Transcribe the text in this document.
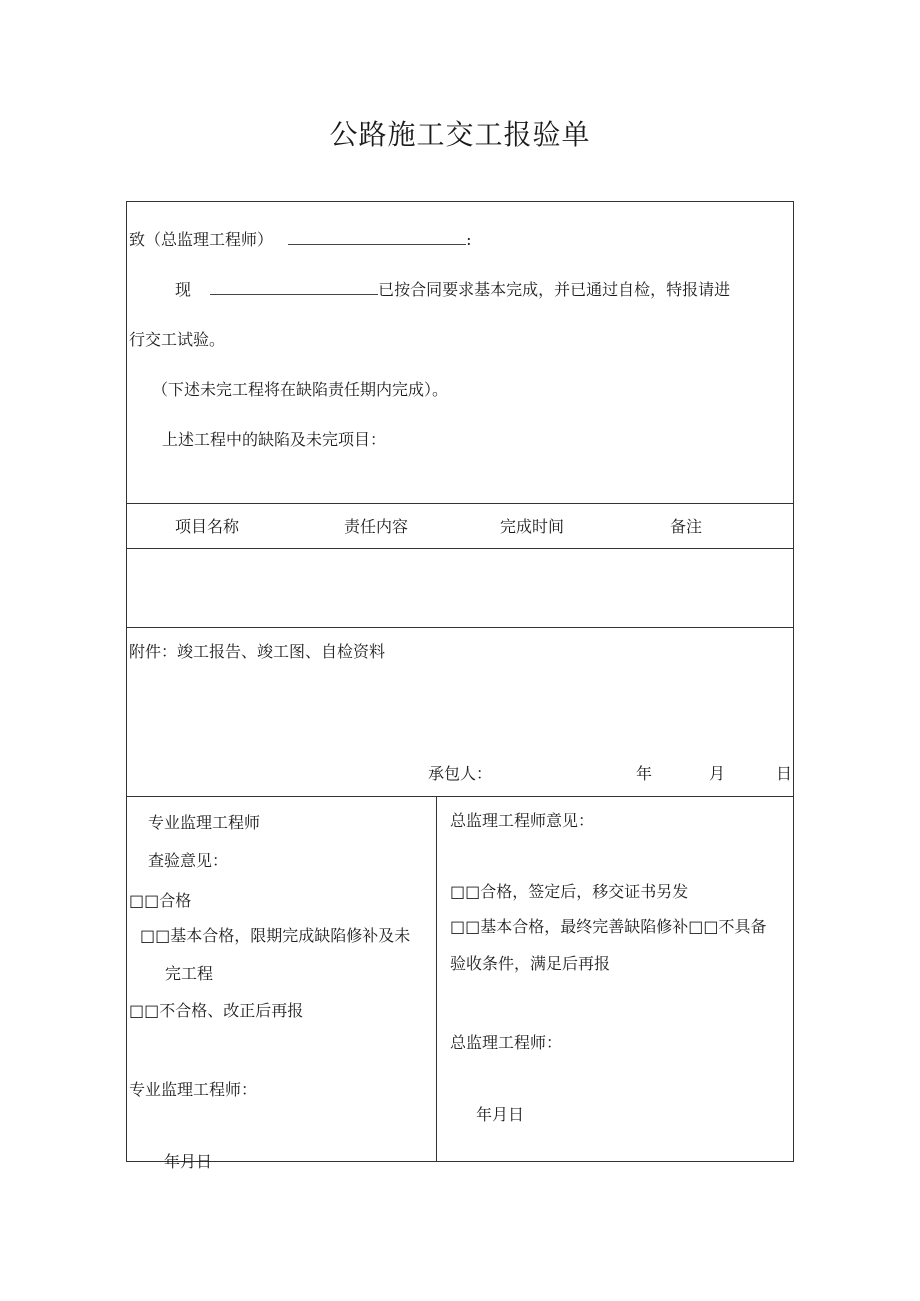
公路施工交工报验单
致（总监理工程师）	:
现	已按合同要求基本完成，并已通过自检，特报请进
行交工试验。
（下述未完工程将在缺陷责任期内完成）。
上述工程中的缺陷及未完项目：
项目名称	责任内容	完成时间	备注
附件：竣工报告、竣工图、自检资料
承包人：	年	月	日
专业监理工程师
查验意见：
□□合格
□□基本合格，限期完成缺陷修补及未
完工程
□□不合格、改正后再报
专业监理工程师：
年月日
总监理工程师意见：
□□合格，签定后，移交证书另发
□□基本合格，最终完善缺陷修补□□不具备
验收条件，满足后再报
总监理工程师：
年月日
